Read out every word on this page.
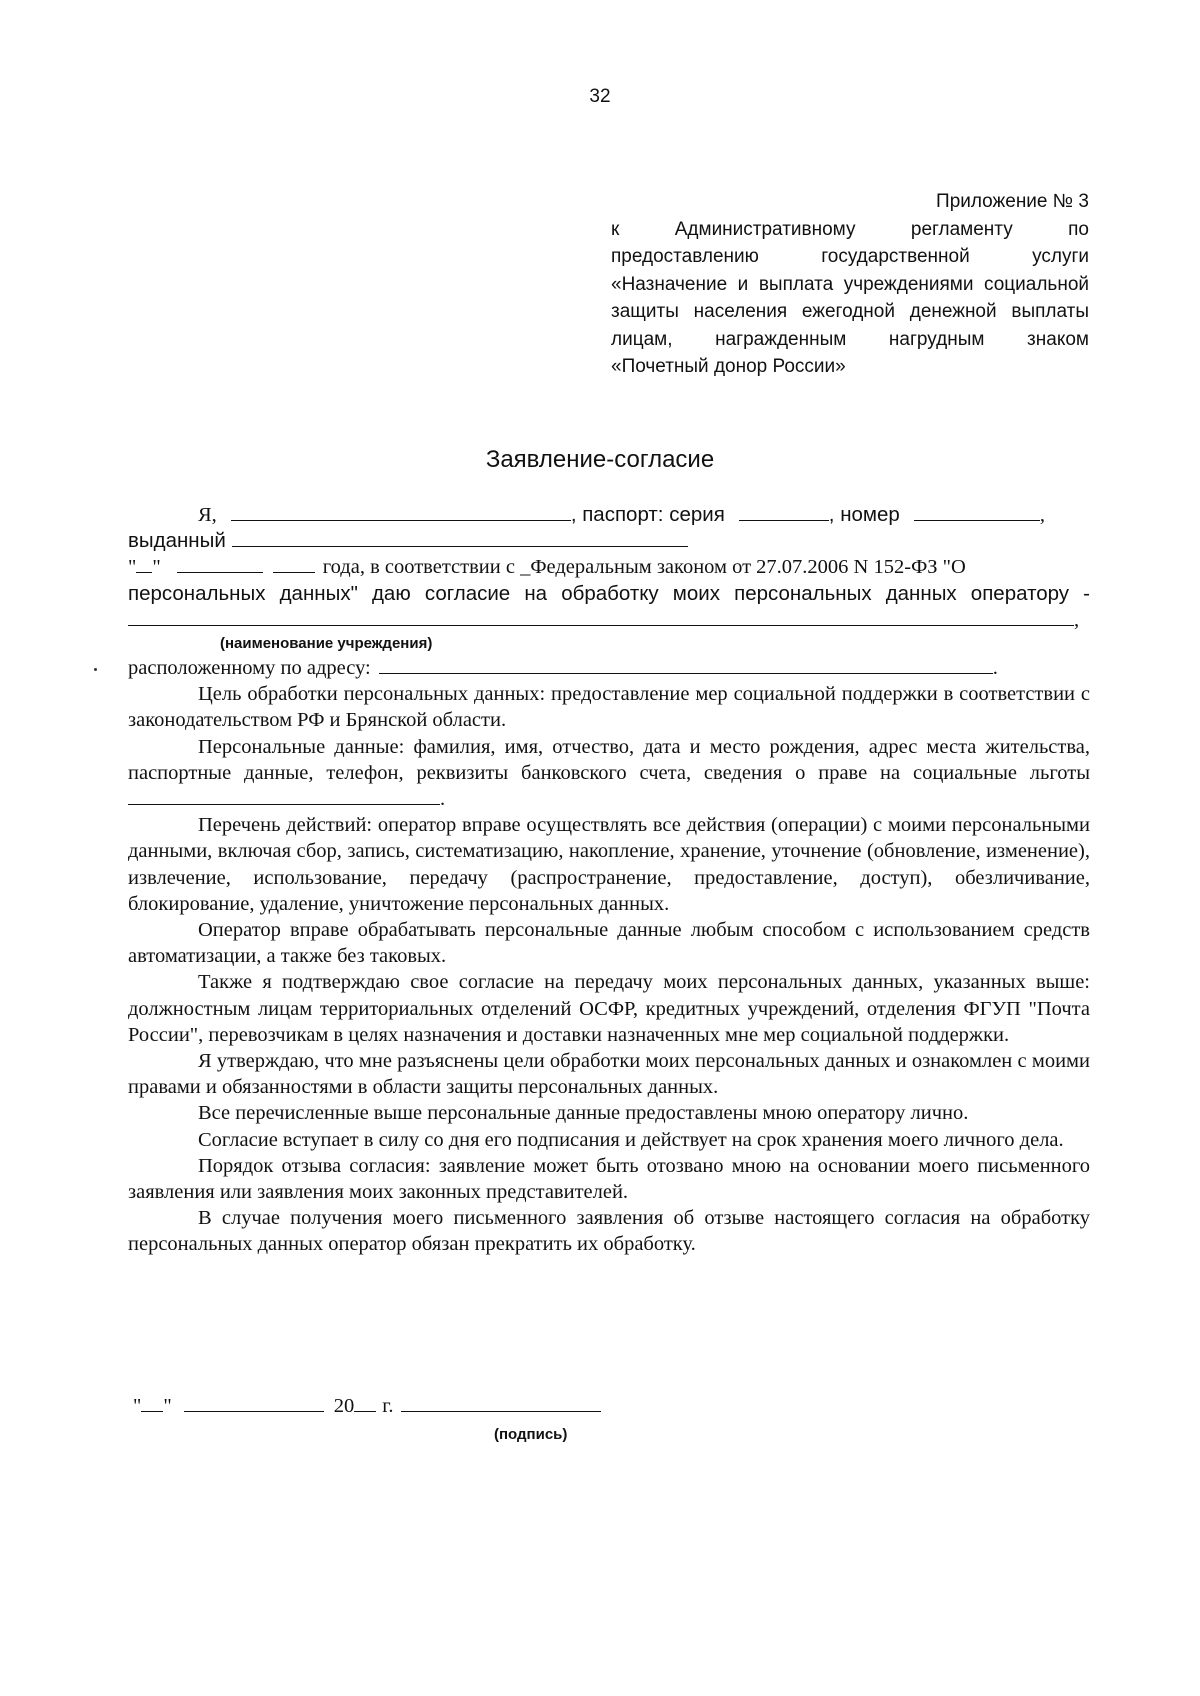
32
Приложение № 3
к Административному регламенту по
предоставлению государственной услуги
«Назначение и выплата учреждениями социальной
защиты населения ежегодной денежной выплаты
лицам, награжденным нагрудным знаком
«Почетный донор России»
Заявление-согласие
Я,	, паспорт: серия	, номер	,
выданный
" "	года, в соответствии с _Федеральным законом от 27.07.2006 N 152-ФЗ "О
персональных данных" даю согласие на обработку моих персональных данных оператору -
,
(наименование учреждения)
расположенному по адресу:	.

Цель обработки персональных данных: предоставление мер социальной поддержки в соответствии с законодательством РФ и Брянской области.

Персональные данные: фамилия, имя, отчество, дата и место рождения, адрес места жительства, паспортные данные, телефон, реквизиты банковского счета, сведения о праве на социальные льготы .

Перечень действий: оператор вправе осуществлять все действия (операции) с моими персональными данными, включая сбор, запись, систематизацию, накопление, хранение, уточнение (обновление, изменение), извлечение, использование, передачу (распространение, предоставление, доступ), обезличивание, блокирование, удаление, уничтожение персональных данных.

Оператор вправе обрабатывать персональные данные любым способом с использованием средств автоматизации, а также без таковых.

Также я подтверждаю свое согласие на передачу моих персональных данных, указанных выше: должностным лицам территориальных отделений ОСФР, кредитных учреждений, отделения ФГУП "Почта России", перевозчикам в целях назначения и доставки назначенных мне мер социальной поддержки.

Я утверждаю, что мне разъяснены цели обработки моих персональных данных и ознакомлен с моими правами и обязанностями в области защиты персональных данных.

Все перечисленные выше персональные данные предоставлены мною оператору лично.

Согласие вступает в силу со дня его подписания и действует на срок хранения моего личного дела.

Порядок отзыва согласия: заявление может быть отозвано мною на основании моего письменного заявления или заявления моих законных представителей.

В случае получения моего письменного заявления об отзыве настоящего согласия на обработку персональных данных оператор обязан прекратить их обработку.

" "	20 г.
(подпись)
